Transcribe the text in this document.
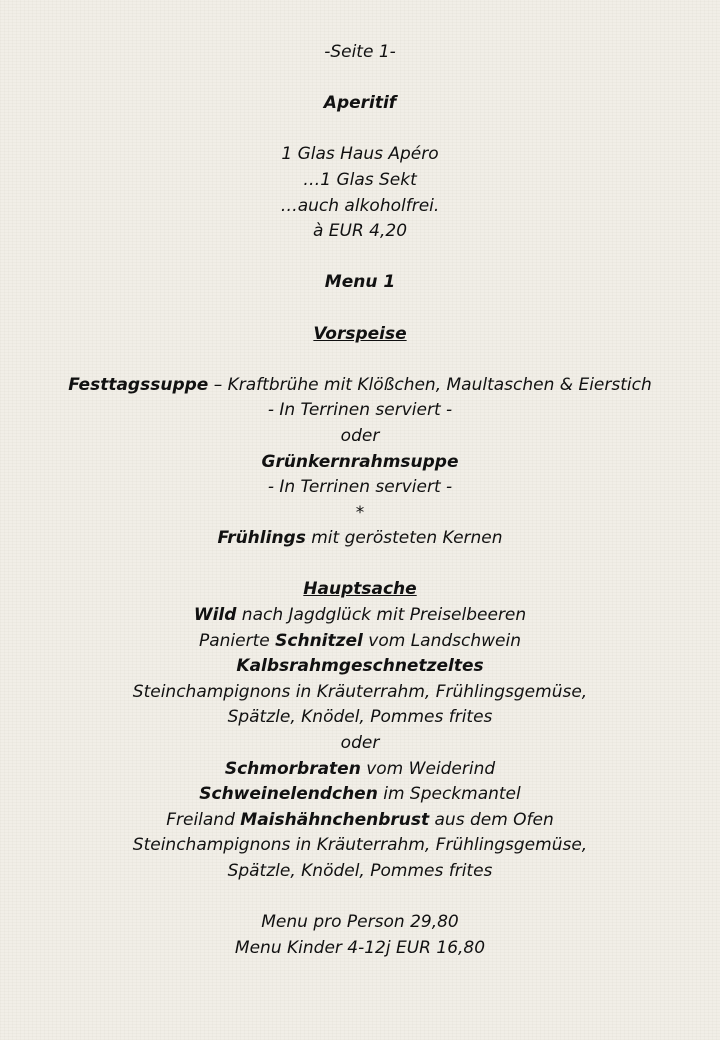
-Seite 1-
Aperitif
1 Glas Haus Apéro
…1 Glas Sekt
…auch alkoholfrei.
à EUR 4,20
Menu 1
Vorspeise
Festtagssuppe – Kraftbrühe mit Klößchen, Maultaschen & Eierstich
- In Terrinen serviert -
oder
Grünkernrahmsuppe
- In Terrinen serviert -
*
Frühlings mit gerösteten Kernen
Hauptsache
Wild nach Jagdglück mit Preiselbeeren
Panierte Schnitzel vom Landschwein
Kalbsrahmgeschnetzeltes
Steinchampignons in Kräuterrahm, Frühlingsgemüse,
Spätzle, Knödel, Pommes frites
oder
Schmorbraten vom Weiderind
Schweinelendchen im Speckmantel
Freiland Maishähnchenbrust aus dem Ofen
Steinchampignons in Kräuterrahm, Frühlingsgemüse,
Spätzle, Knödel, Pommes frites
Menu pro Person 29,80
Menu Kinder 4-12j EUR 16,80
